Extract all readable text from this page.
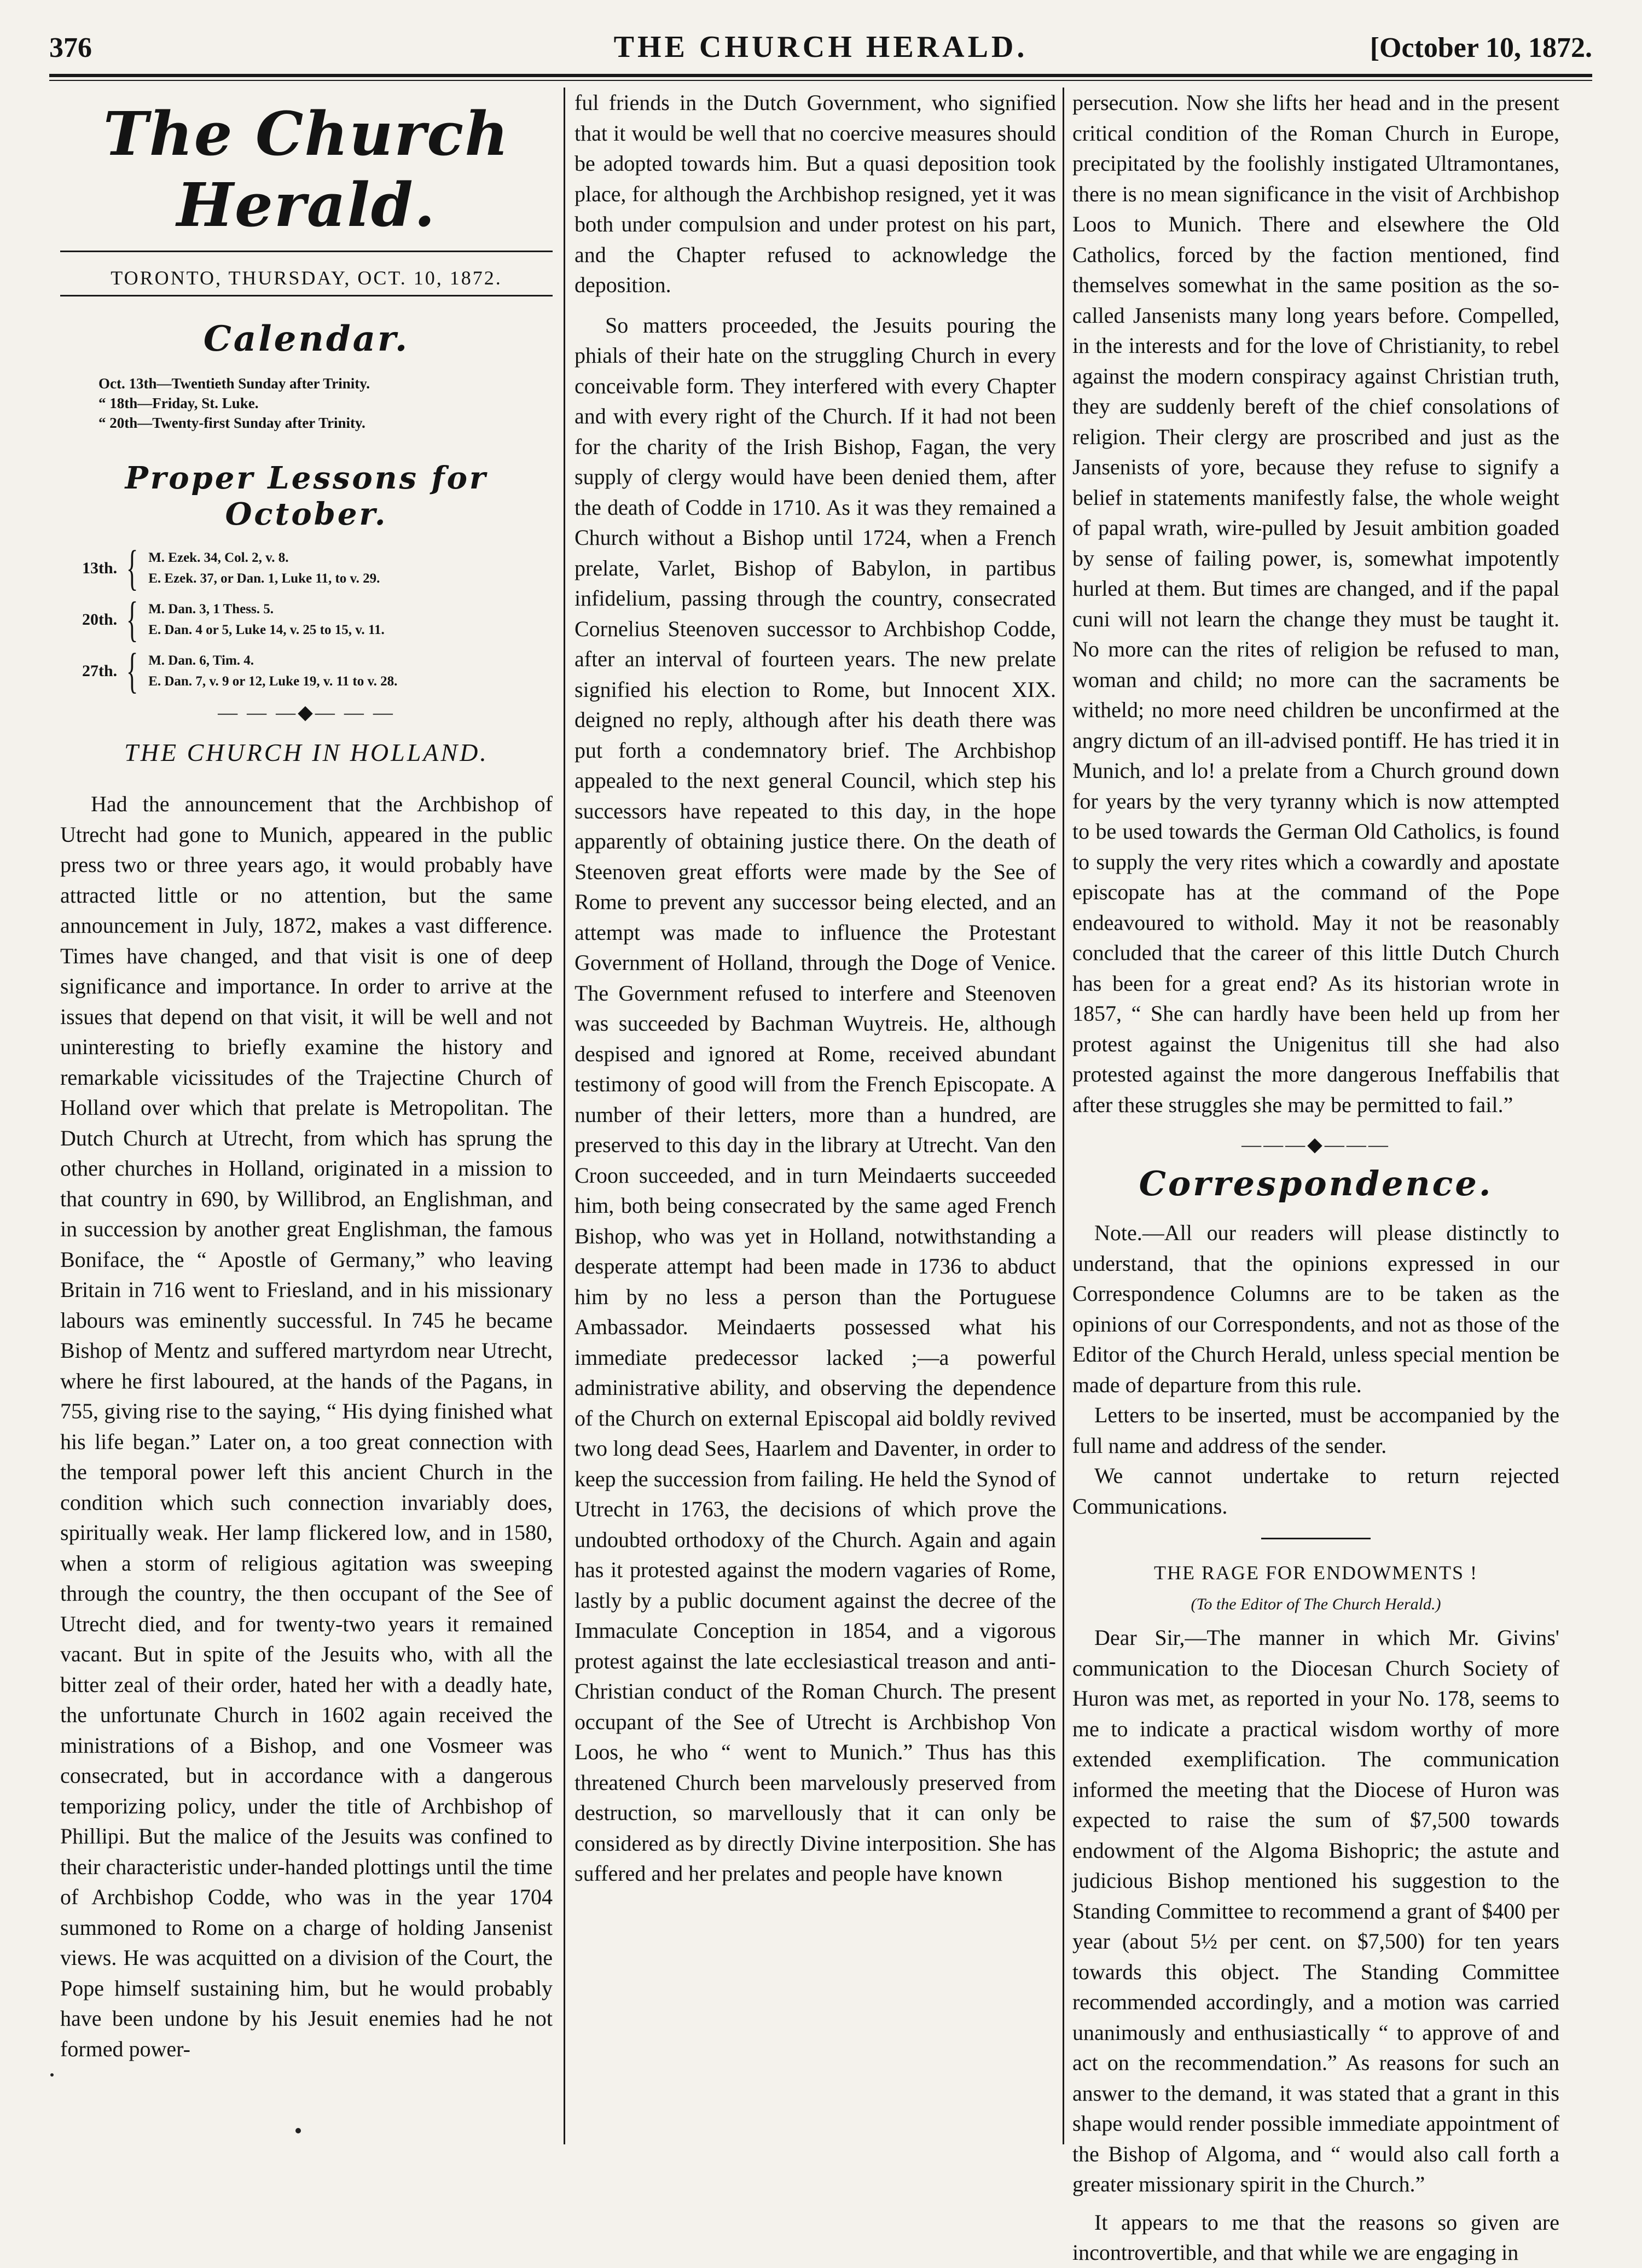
376	THE CHURCH HERALD.	[October 10, 1872.
The Church Herald.
TORONTO, THURSDAY, OCT. 10, 1872.
Calendar.
Oct. 13th—Twentieth Sunday after Trinity.
“ 18th—Friday, St. Luke.
“ 20th—Twenty-first Sunday after Trinity.
Proper Lessons for October.
13th. { M. Ezek. 34, Col. 2, v. 8.
E. Ezek. 37, or Dan. 1, Luke 11, to v. 29.
20th. { M. Dan. 3, 1 Thess. 5.
E. Dan. 4 or 5, Luke 14, v. 25 to 15, v. 11.
27th. { M. Dan. 6, Tim. 4.
E. Dan. 7, v. 9 or 12, Luke 19, v. 11 to v. 28.
— — —◆— — —
THE CHURCH IN HOLLAND.

Had the announcement that the Archbishop of Utrecht had gone to Munich, appeared in the public press two or three years ago, it would probably have attracted little or no attention, but the same announcement in July, 1872, makes a vast difference. Times have changed, and that visit is one of deep significance and importance. In order to arrive at the issues that depend on that visit, it will be well and not uninteresting to briefly examine the history and remarkable vicissitudes of the Trajectine Church of Holland over which that prelate is Metropolitan. The Dutch Church at Utrecht, from which has sprung the other churches in Holland, originated in a mission to that country in 690, by Willibrod, an Englishman, and in succession by another great Englishman, the famous Boniface, the “ Apostle of Germany,” who leaving Britain in 716 went to Friesland, and in his missionary labours was eminently successful. In 745 he became Bishop of Mentz and suffered martyrdom near Utrecht, where he first laboured, at the hands of the Pagans, in 755, giving rise to the saying, “ His dying finished what his life began.” Later on, a too great connection with the temporal power left this ancient Church in the condition which such connection invariably does, spiritually weak. Her lamp flickered low, and in 1580, when a storm of religious agitation was sweeping through the country, the then occupant of the See of Utrecht died, and for twenty-two years it remained vacant. But in spite of the Jesuits who, with all the bitter zeal of their order, hated her with a deadly hate, the unfortunate Church in 1602 again received the ministrations of a Bishop, and one Vosmeer was consecrated, but in accordance with a dangerous temporizing policy, under the title of Archbishop of Phillipi. But the malice of the Jesuits was confined to their characteristic under-handed plottings until the time of Archbishop Codde, who was in the year 1704 summoned to Rome on a charge of holding Jansenist views. He was acquitted on a division of the Court, the Pope himself sustaining him, but he would probably have been undone by his Jesuit enemies had he not formed power-

ful friends in the Dutch Government, who signified that it would be well that no coercive measures should be adopted towards him. But a quasi deposition took place, for although the Archbishop resigned, yet it was both under compulsion and under protest on his part, and the Chapter refused to acknowledge the deposition.

So matters proceeded, the Jesuits pouring the phials of their hate on the struggling Church in every conceivable form. They interfered with every Chapter and with every right of the Church. If it had not been for the charity of the Irish Bishop, Fagan, the very supply of clergy would have been denied them, after the death of Codde in 1710. As it was they remained a Church without a Bishop until 1724, when a French prelate, Varlet, Bishop of Babylon, in partibus infidelium, passing through the country, consecrated Cornelius Steenoven successor to Archbishop Codde, after an interval of fourteen years. The new prelate signified his election to Rome, but Innocent XIX. deigned no reply, although after his death there was put forth a condemnatory brief. The Archbishop appealed to the next general Council, which step his successors have repeated to this day, in the hope apparently of obtaining justice there. On the death of Steenoven great efforts were made by the See of Rome to prevent any successor being elected, and an attempt was made to influence the Protestant Government of Holland, through the Doge of Venice. The Government refused to interfere and Steenoven was succeeded by Bachman Wuytreis. He, although despised and ignored at Rome, received abundant testimony of good will from the French Episcopate. A number of their letters, more than a hundred, are preserved to this day in the library at Utrecht. Van den Croon succeeded, and in turn Meindaerts succeeded him, both being consecrated by the same aged French Bishop, who was yet in Holland, notwithstanding a desperate attempt had been made in 1736 to abduct him by no less a person than the Portuguese Ambassador. Meindaerts possessed what his immediate predecessor lacked ;—a powerful administrative ability, and observing the dependence of the Church on external Episcopal aid boldly revived two long dead Sees, Haarlem and Daventer, in order to keep the succession from failing. He held the Synod of Utrecht in 1763, the decisions of which prove the undoubted orthodoxy of the Church. Again and again has it protested against the modern vagaries of Rome, lastly by a public document against the decree of the Immaculate Conception in 1854, and a vigorous protest against the late ecclesiastical treason and anti-Christian conduct of the Roman Church. The present occupant of the See of Utrecht is Archbishop Von Loos, he who “ went to Munich.” Thus has this threatened Church been marvelously preserved from destruction, so marvellously that it can only be considered as by directly Divine interposition. She has suffered and her prelates and people have known

persecution. Now she lifts her head and in the present critical condition of the Roman Church in Europe, precipitated by the foolishly instigated Ultramontanes, there is no mean significance in the visit of Archbishop Loos to Munich. There and elsewhere the Old Catholics, forced by the faction mentioned, find themselves somewhat in the same position as the so-called Jansenists many long years before. Compelled, in the interests and for the love of Christianity, to rebel against the modern conspiracy against Christian truth, they are suddenly bereft of the chief consolations of religion. Their clergy are proscribed and just as the Jansenists of yore, because they refuse to signify a belief in statements manifestly false, the whole weight of papal wrath, wire-pulled by Jesuit ambition goaded by sense of failing power, is, somewhat impotently hurled at them. But times are changed, and if the papal cuni will not learn the change they must be taught it. No more can the rites of religion be refused to man, woman and child; no more can the sacraments be witheld; no more need children be unconfirmed at the angry dictum of an ill-advised pontiff. He has tried it in Munich, and lo! a prelate from a Church ground down for years by the very tyranny which is now attempted to be used towards the German Old Catholics, is found to supply the very rites which a cowardly and apostate episcopate has at the command of the Pope endeavoured to withold. May it not be reasonably concluded that the career of this little Dutch Church has been for a great end? As its historian wrote in 1857, “ She can hardly have been held up from her protest against the Unigenitus till she had also protested against the more dangerous Ineffabilis that after these struggles she may be permitted to fail.”

———◆———
Correspondence.

Note.—All our readers will please distinctly to understand, that the opinions expressed in our Correspondence Columns are to be taken as the opinions of our Correspondents, and not as those of the Editor of the Church Herald, unless special mention be made of departure from this rule.

Letters to be inserted, must be accompanied by the full name and address of the sender.

We cannot undertake to return rejected Communications.

THE RAGE FOR ENDOWMENTS !
(To the Editor of The Church Herald.)

Dear Sir,—The manner in which Mr. Givins' communication to the Diocesan Church Society of Huron was met, as reported in your No. 178, seems to me to indicate a practical wisdom worthy of more extended exemplification. The communication informed the meeting that the Diocese of Huron was expected to raise the sum of $7,500 towards endowment of the Algoma Bishopric; the astute and judicious Bishop mentioned his suggestion to the Standing Committee to recommend a grant of $400 per year (about 5½ per cent. on $7,500) for ten years towards this object. The Standing Committee recommended accordingly, and a motion was carried unanimously and enthusiastically “ to approve of and act on the recommendation.” As reasons for such an answer to the demand, it was stated that a grant in this shape would render possible immediate appointment of the Bishop of Algoma, and “ would also call forth a greater missionary spirit in the Church.”

It appears to me that the reasons so given are incontrovertible, and that while we are engaging in
